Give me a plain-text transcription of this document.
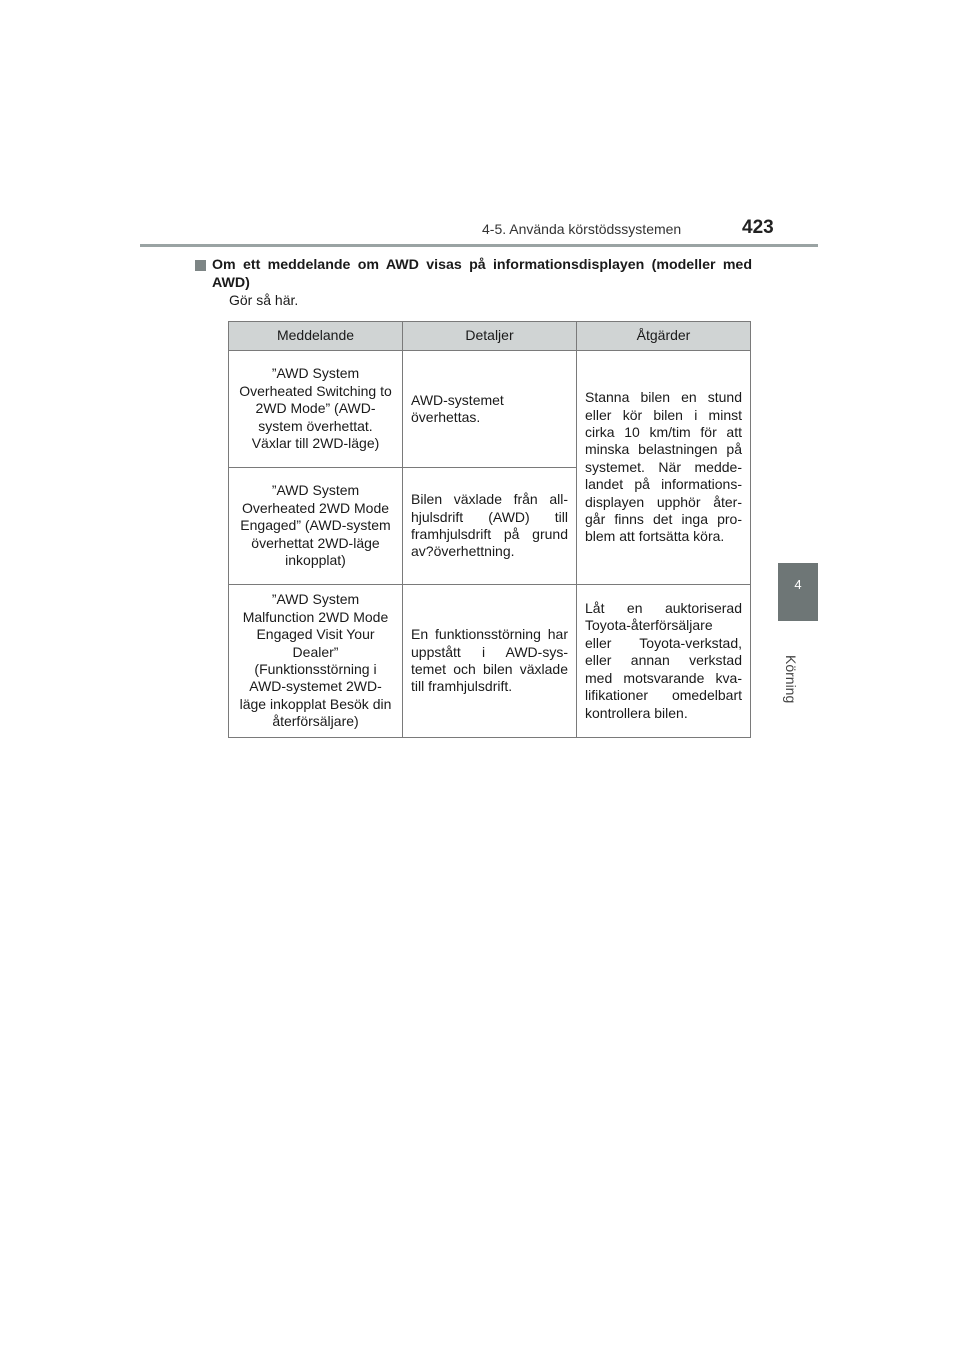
4-5. Använda körstödssystemen	423
4
Körning
Om ett meddelande om AWD visas på informationsdisplayen (modeller med AWD)
Gör så här.
Meddelande	Detaljer	Åtgärder
”AWD System Overheated Switching to 2WD Mode” (AWD-system överhettat. Växlar till 2WD-läge)	AWD-systemet överhettas.	Stanna bilen en stund eller kör bilen i minst cirka 10 km/tim för att minska belastningen på systemet. När medde-landet på informations-displayen upphör åter-går finns det inga pro-blem att fortsätta köra.
”AWD System Overheated 2WD Mode Engaged” (AWD-system överhettat 2WD-läge inkopplat)	Bilen växlade från all-hjulsdrift (AWD) till framhjulsdrift på grund av?överhettning.	
”AWD System Malfunction 2WD Mode Engaged Visit Your Dealer” (Funktionsstörning i AWD-systemet 2WD-läge inkopplat Besök din återförsäljare)	En funktionsstörning har uppstått i AWD-sys-temet och bilen växlade till framhjulsdrift.	Låt en auktoriserad Toyota-återförsäljare eller Toyota-verkstad, eller annan verkstad med motsvarande kva-lifikationer omedelbart kontrollera bilen.
